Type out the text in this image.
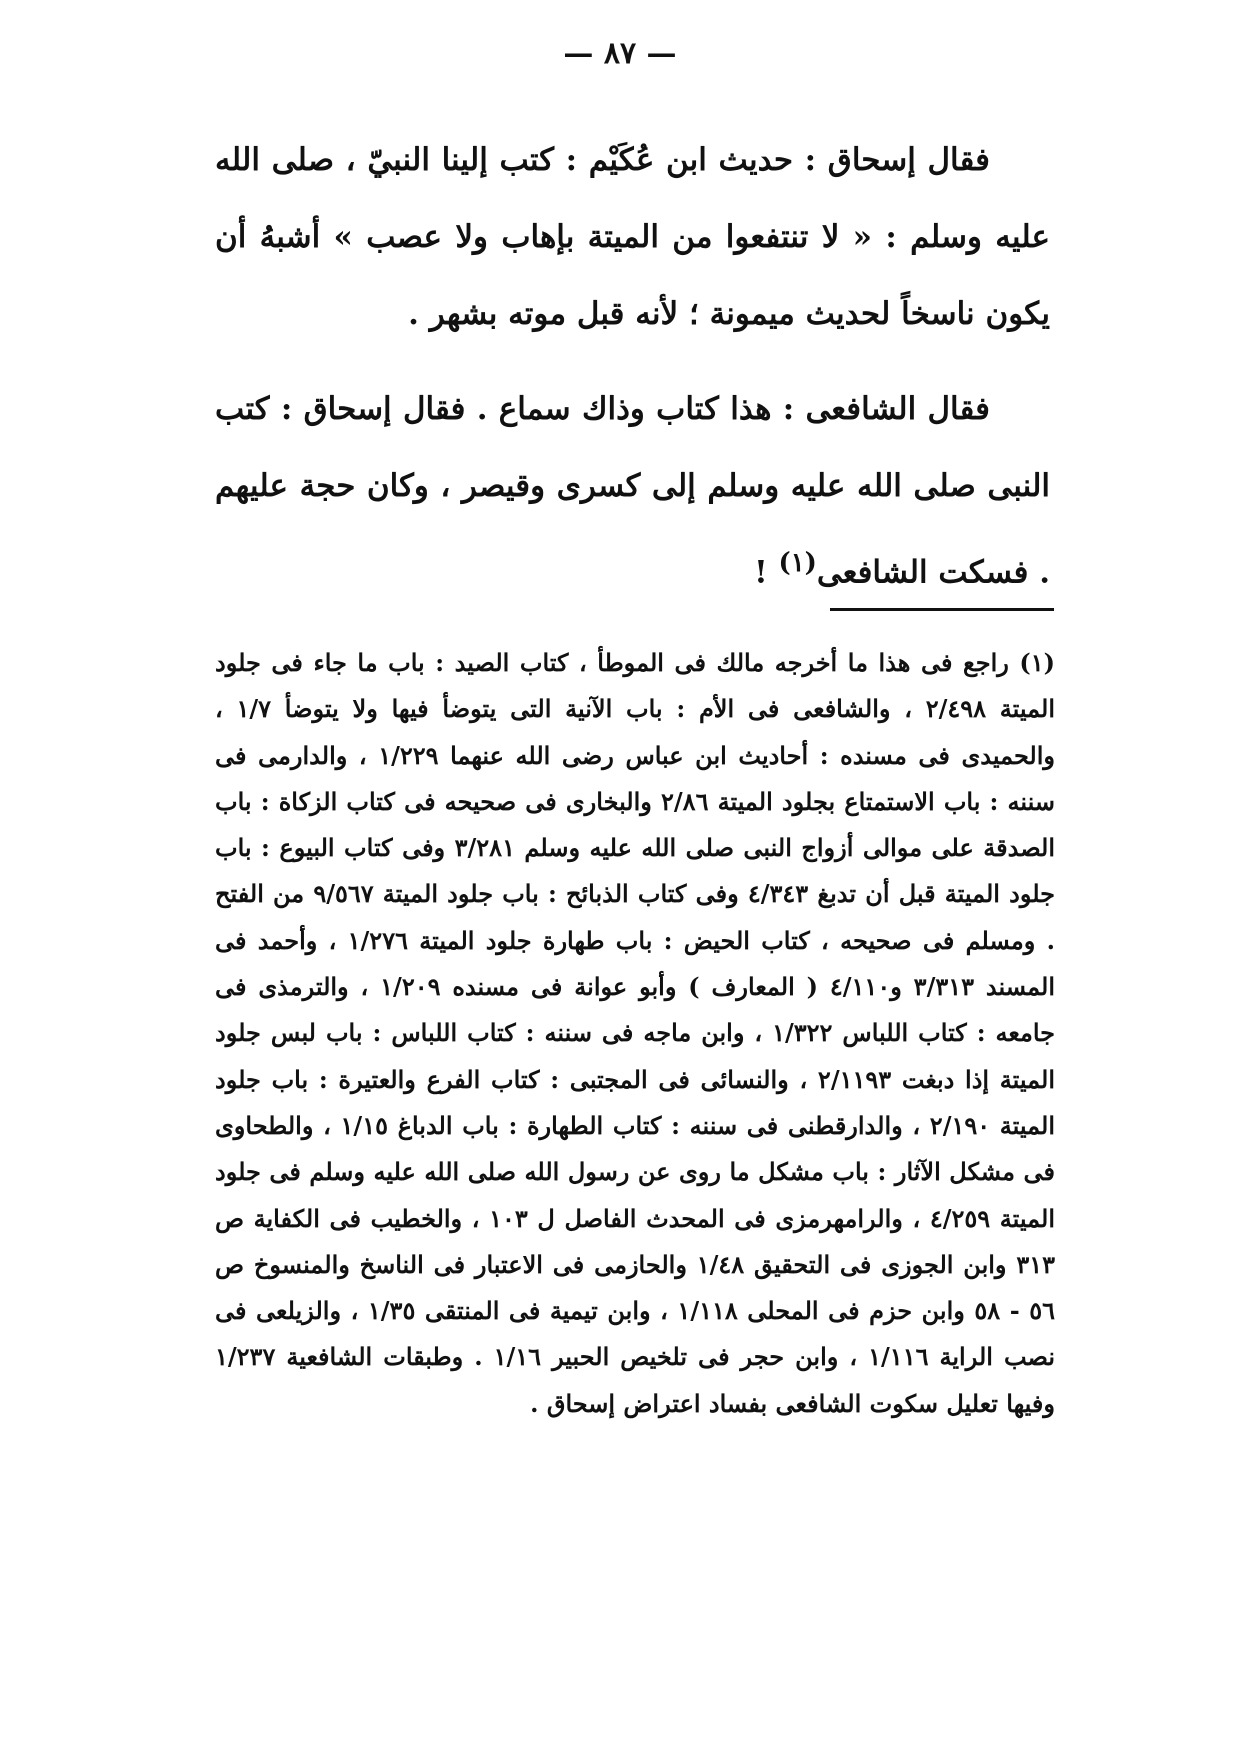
— ٨٧ —

فقال إسحاق : حديث ابن عُكَيْم : كتب إلينا النبيّ ، صلى الله عليه وسلم : « لا تنتفعوا من الميتة بإهاب ولا عصب » أشبهُ أن يكون ناسخاً لحديث ميمونة ؛ لأنه قبل موته بشهر .

فقال الشافعى : هذا كتاب وذاك سماع . فقال إسحاق : كتب النبى صلى الله عليه وسلم إلى كسرى وقيصر ، وكان حجة عليهم . فسكت الشافعى$^{(١)}$ !

(١) راجع فى هذا ما أخرجه مالك فى الموطأ ، كتاب الصيد : باب ما جاء فى جلود الميتة ٢/٤٩٨ ، والشافعى فى الأم : باب الآنية التى يتوضأ فيها ولا يتوضأ ١/٧ ، والحميدى فى مسنده : أحاديث ابن عباس رضى الله عنهما ١/٢٢٩ ، والدارمى فى سننه : باب الاستمتاع بجلود الميتة ٢/٨٦ والبخارى فى صحيحه فى كتاب الزكاة : باب الصدقة على موالى أزواج النبى صلى الله عليه وسلم ٣/٢٨١ وفى كتاب البيوع : باب جلود الميتة قبل أن تدبغ ٤/٣٤٣ وفى كتاب الذبائح : باب جلود الميتة ٩/٥٦٧ من الفتح . ومسلم فى صحيحه ، كتاب الحيض : باب طهارة جلود الميتة ١/٢٧٦ ، وأحمد فى المسند ٣/٣١٣ و٤/١١٠ ( المعارف ) وأبو عوانة فى مسنده ١/٢٠٩ ، والترمذى فى جامعه : كتاب اللباس ١/٣٢٢ ، وابن ماجه فى سننه : كتاب اللباس : باب لبس جلود الميتة إذا دبغت ٢/١١٩٣ ، والنسائى فى المجتبى : كتاب الفرع والعتيرة : باب جلود الميتة ٢/١٩٠ ، والدارقطنى فى سننه : كتاب الطهارة : باب الدباغ ١/١٥ ، والطحاوى فى مشكل الآثار : باب مشكل ما روى عن رسول الله صلى الله عليه وسلم فى جلود الميتة ٤/٢٥٩ ، والرامهرمزى فى المحدث الفاصل ل ١٠٣ ، والخطيب فى الكفاية ص ٣١٣ وابن الجوزى فى التحقيق ١/٤٨ والحازمى فى الاعتبار فى الناسخ والمنسوخ ص ٥٦ - ٥٨ وابن حزم فى المحلى ١/١١٨ ، وابن تيمية فى المنتقى ١/٣٥ ، والزيلعى فى نصب الراية ١/١١٦ ، وابن حجر فى تلخيص الحبير ١/١٦ . وطبقات الشافعية ١/٢٣٧ وفيها تعليل سكوت الشافعى بفساد اعتراض إسحاق .
